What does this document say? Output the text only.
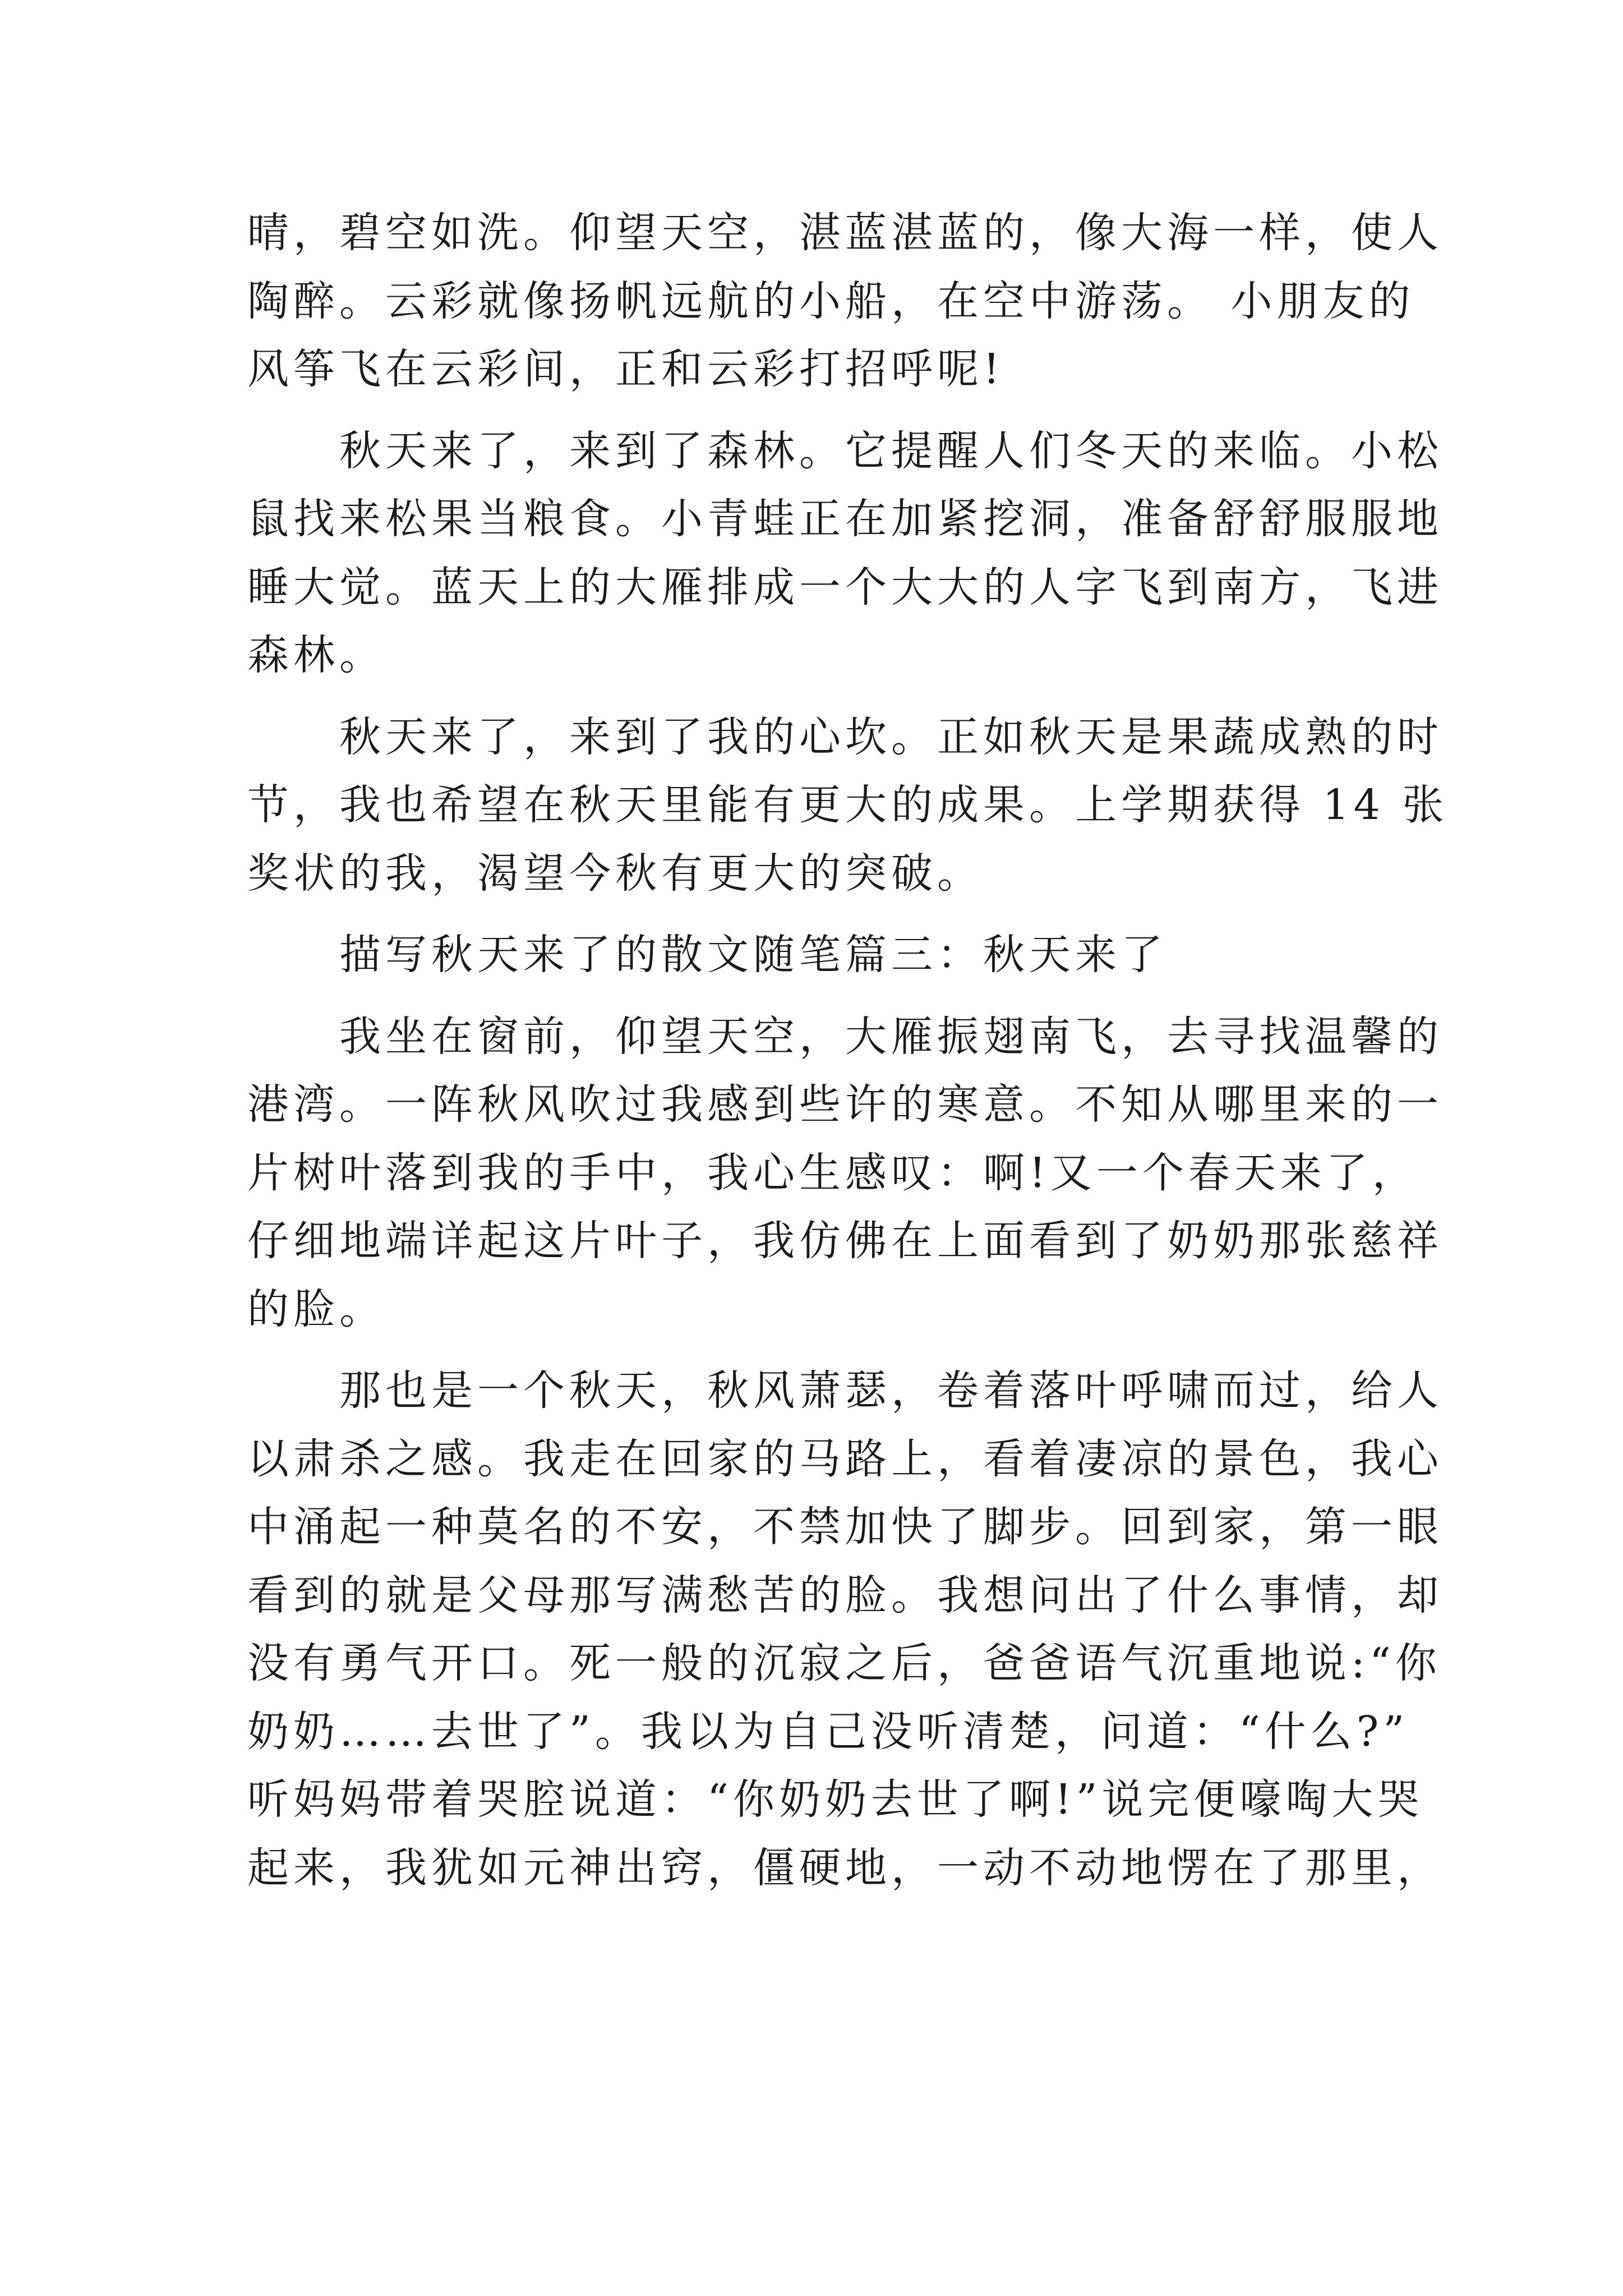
晴，碧空如洗。仰望天空，湛蓝湛蓝的，像大海一样，使人
陶醉。云彩就像扬帆远航的小船，在空中游荡。 小朋友的
风筝飞在云彩间，正和云彩打招呼呢!
秋天来了，来到了森林。它提醒人们冬天的来临。小松
鼠找来松果当粮食。小青蛙正在加紧挖洞，准备舒舒服服地
睡大觉。蓝天上的大雁排成一个大大的人字飞到南方，飞进
森林。
秋天来了，来到了我的心坎。正如秋天是果蔬成熟的时
节，我也希望在秋天里能有更大的成果。上学期获得 14 张
奖状的我，渴望今秋有更大的突破。
描写秋天来了的散文随笔篇三：秋天来了
我坐在窗前，仰望天空，大雁振翅南飞，去寻找温馨的
港湾。一阵秋风吹过我感到些许的寒意。不知从哪里来的一
片树叶落到我的手中，我心生感叹：啊!又一个春天来了，
仔细地端详起这片叶子，我仿佛在上面看到了奶奶那张慈祥
的脸。
那也是一个秋天，秋风萧瑟，卷着落叶呼啸而过，给人
以肃杀之感。我走在回家的马路上，看着凄凉的景色，我心
中涌起一种莫名的不安，不禁加快了脚步。回到家，第一眼
看到的就是父母那写满愁苦的脸。我想问出了什么事情，却
没有勇气开口。死一般的沉寂之后，爸爸语气沉重地说:“你
奶奶……去世了”。我以为自己没听清楚，问道：“什么?”
听妈妈带着哭腔说道：“你奶奶去世了啊!”说完便嚎啕大哭
起来，我犹如元神出窍，僵硬地，一动不动地愣在了那里，
